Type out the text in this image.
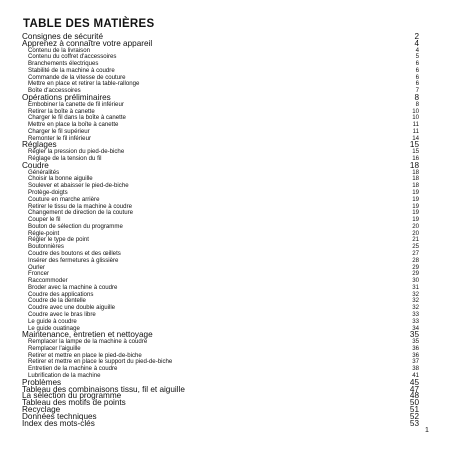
TABLE DES MATIÈRES
Consignes de sécurité	2
Apprenez à connaître votre appareil	4
Contenu de la livraison	4
Contenu du coffret d'accessoires	5
Branchements électriques	6
Stabilité de la machine à coudre	6
Commande de la vitesse de couture	6
Mettre en place et retirer la table-rallonge	6
Boîte d'accessoires	7
Opérations préliminaires	8
Embobiner la canette de fil inférieur	8
Retirer la boîte à canette	10
Charger le fil dans la boîte à canette	10
Mettre en place la boîte à canette	11
Charger le fil supérieur	11
Remonter le fil inférieur	14
Réglages	15
Régler la pression du pied-de-biche	15
Réglage de la tension du fil	16
Coudre	18
Généralités	18
Choisir la bonne aiguille	18
Soulever et abaisser le pied-de-biche	18
Protège-doigts	19
Couture en marche arrière	19
Retirer le tissu de la machine à coudre	19
Changement de direction de la couture	19
Couper le fil	19
Bouton de sélection du programme	20
Régle-point	20
Régler le type de point	21
Boutonnières	25
Coudre des boutons et des œillets	27
Insérer des fermetures à glissière	28
Ourler	29
Froncer	29
Raccommoder	30
Broder avec la machine à coudre	31
Coudre des applications	32
Coudre de la dentelle	32
Coudre avec une double aiguille	32
Coudre avec le bras libre	33
Le guide à coudre	33
Le guide ouatinage	34
Maintenance, entretien et nettoyage	35
Remplacer la lampe de la machine à coudre	35
Remplacer l'aiguille	36
Retirer et mettre en place le pied-de-biche	36
Retirer et mettre en place le support du pied-de-biche	37
Entretien de la machine à coudre	38
Lubrification de la machine	41
Problèmes	45
Tableau des combinaisons tissu, fil et aiguille	47
La sélection du programme	48
Tableau des motifs de points	50
Recyclage	51
Données techniques	52
Index des mots-clés	53
1
